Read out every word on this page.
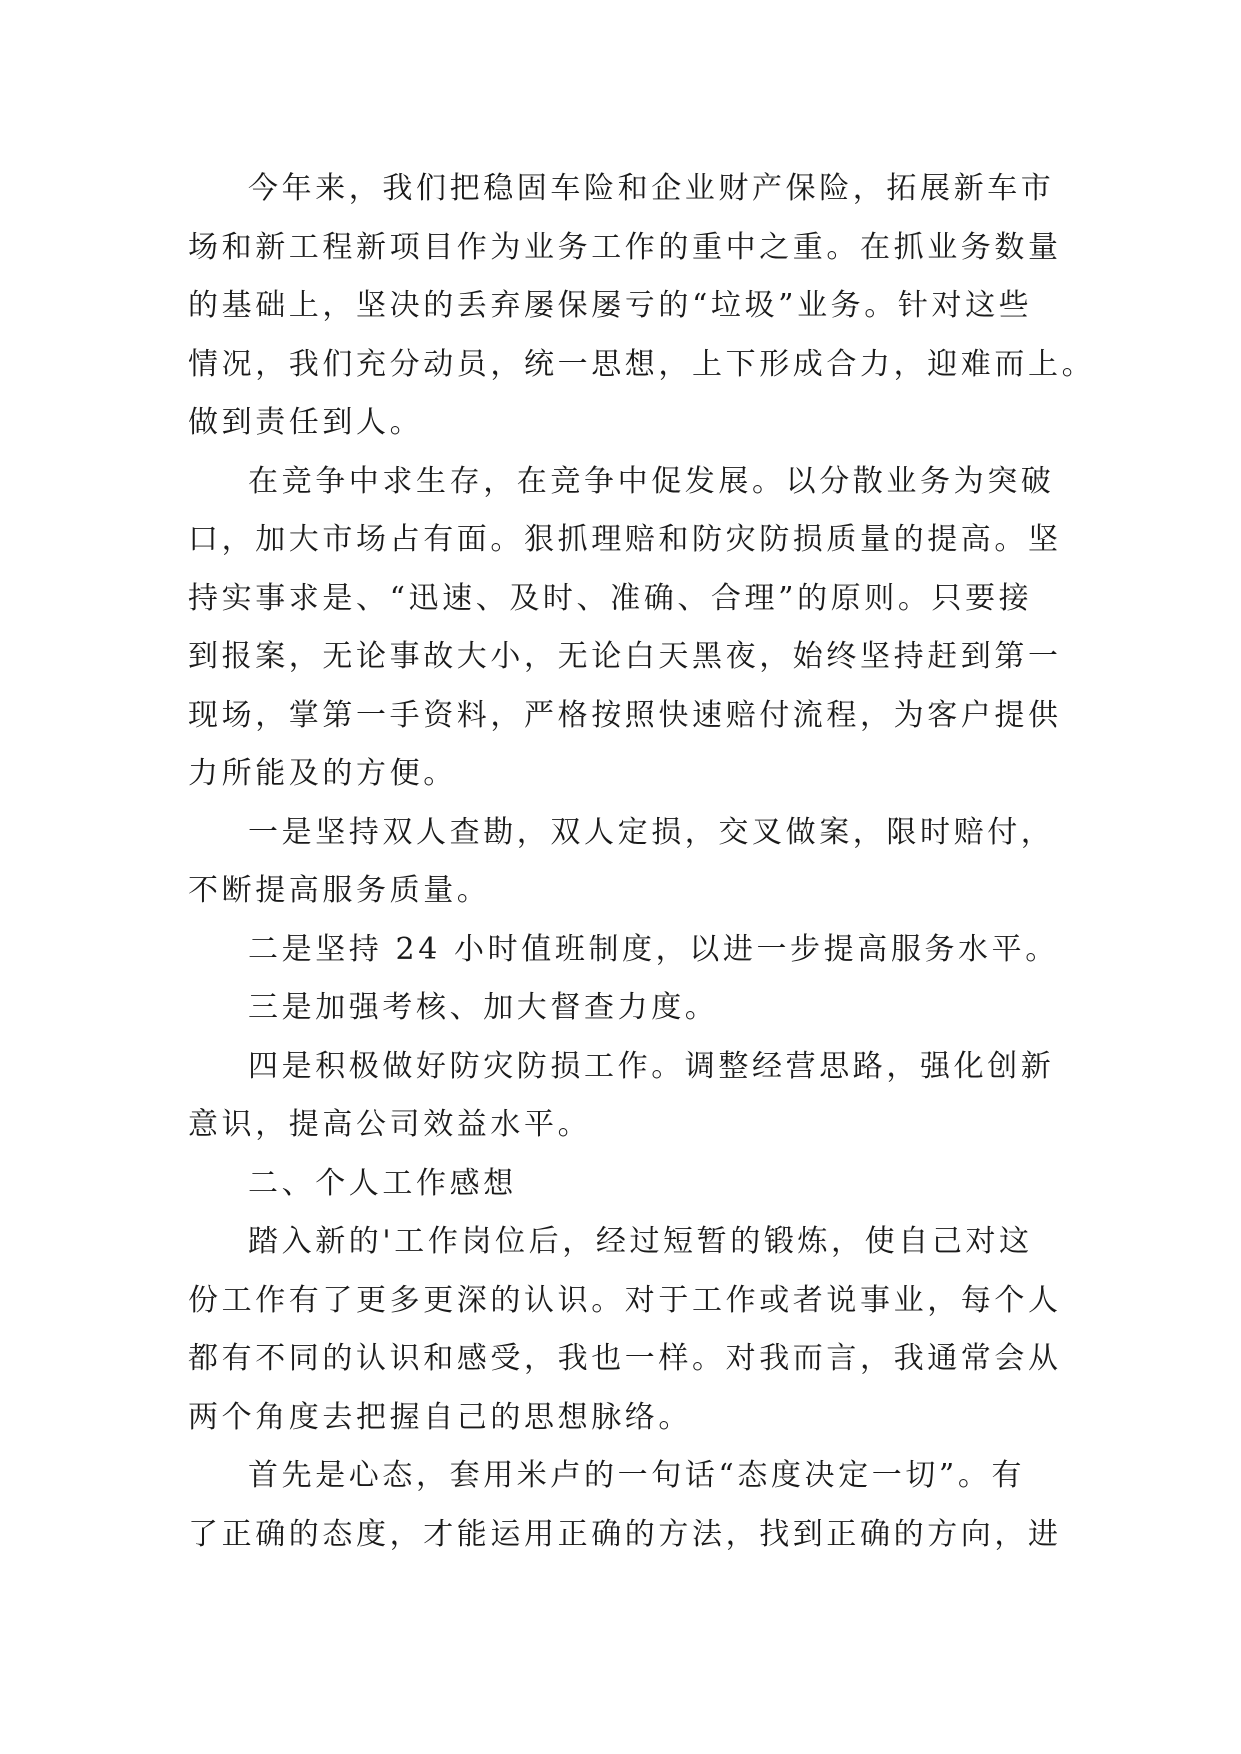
今年来，我们把稳固车险和企业财产保险，拓展新车市
场和新工程新项目作为业务工作的重中之重。在抓业务数量
的基础上，坚决的丢弃屡保屡亏的“垃圾”业务。针对这些
情况，我们充分动员，统一思想，上下形成合力，迎难而上。
做到责任到人。

在竞争中求生存，在竞争中促发展。以分散业务为突破
口，加大市场占有面。狠抓理赔和防灾防损质量的提高。坚
持实事求是、“迅速、及时、准确、合理”的原则。只要接
到报案，无论事故大小，无论白天黑夜，始终坚持赶到第一
现场，掌第一手资料，严格按照快速赔付流程，为客户提供
力所能及的方便。

一是坚持双人查勘，双人定损，交叉做案，限时赔付，
不断提高服务质量。

二是坚持 24 小时值班制度，以进一步提高服务水平。

三是加强考核、加大督查力度。

四是积极做好防灾防损工作。调整经营思路，强化创新
意识，提高公司效益水平。

二、个人工作感想

踏入新的'工作岗位后，经过短暂的锻炼，使自己对这
份工作有了更多更深的认识。对于工作或者说事业，每个人
都有不同的认识和感受，我也一样。对我而言，我通常会从
两个角度去把握自己的思想脉络。

首先是心态，套用米卢的一句话“态度决定一切”。有
了正确的态度，才能运用正确的方法，找到正确的方向，进
